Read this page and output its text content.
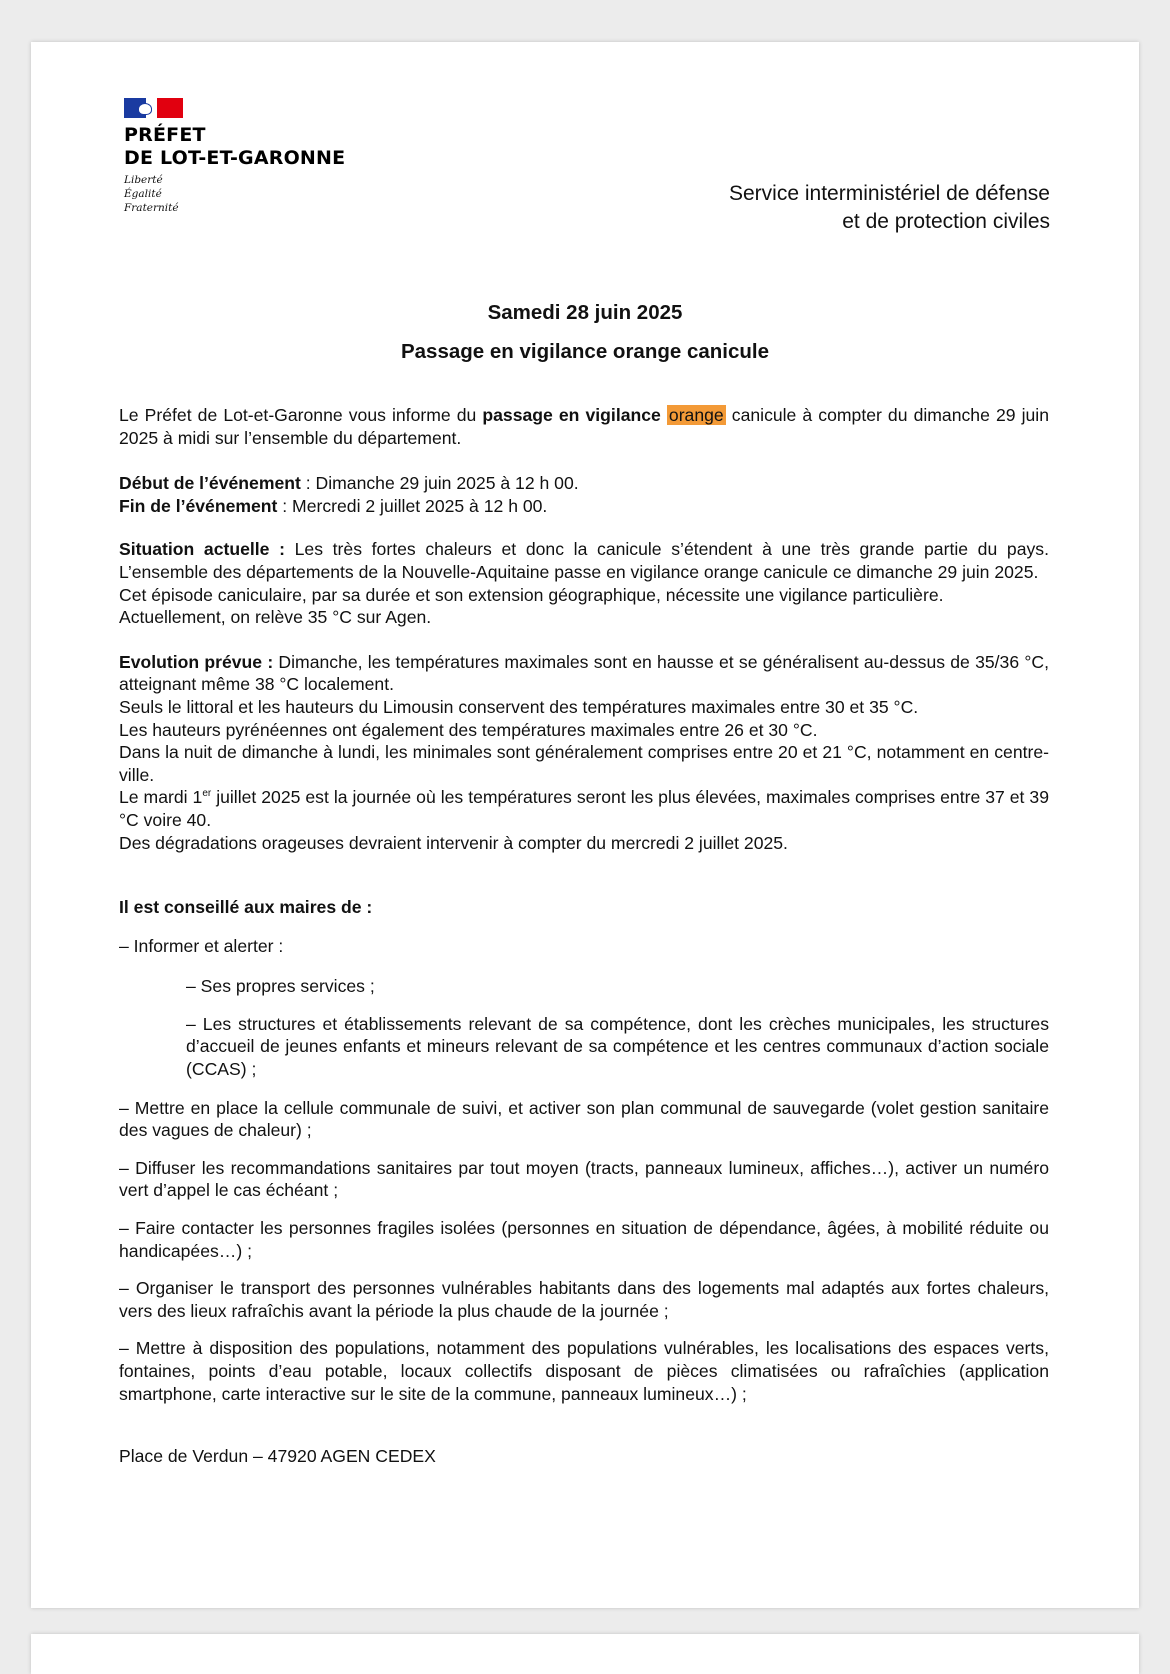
PRÉFET
DE LOT-ET-GARONNE
Liberté
Égalité
Fraternité
Service interministériel de défense
et de protection civiles
Samedi 28 juin 2025
Passage en vigilance orange canicule

Le Préfet de Lot-et-Garonne vous informe du passage en vigilance orange canicule à compter du dimanche 29 juin 2025 à midi sur l’ensemble du département.

Début de l’événement : Dimanche 29 juin 2025 à 12 h 00.

Fin de l’événement : Mercredi 2 juillet 2025 à 12 h 00.

Situation actuelle : Les très fortes chaleurs et donc la canicule s’étendent à une très grande partie du pays. L’ensemble des départements de la Nouvelle-Aquitaine passe en vigilance orange canicule ce dimanche 29 juin 2025.

Cet épisode caniculaire, par sa durée et son extension géographique, nécessite une vigilance particulière.

Actuellement, on relève 35 °C sur Agen.

Evolution prévue : Dimanche, les températures maximales sont en hausse et se généralisent au-dessus de 35/36 °C, atteignant même 38 °C localement.

Seuls le littoral et les hauteurs du Limousin conservent des températures maximales entre 30 et 35 °C.

Les hauteurs pyrénéennes ont également des températures maximales entre 26 et 30 °C.

Dans la nuit de dimanche à lundi, les minimales sont généralement comprises entre 20 et 21 °C, notamment en centre-ville.

Le mardi 1er juillet 2025 est la journée où les températures seront les plus élevées, maximales comprises entre 37 et 39 °C voire 40.

Des dégradations orageuses devraient intervenir à compter du mercredi 2 juillet 2025.

Il est conseillé aux maires de :

– Informer et alerter :

– Ses propres services ;

– Les structures et établissements relevant de sa compétence, dont les crèches municipales, les structures d’accueil de jeunes enfants et mineurs relevant de sa compétence et les centres communaux d’action sociale (CCAS) ;

– Mettre en place la cellule communale de suivi, et activer son plan communal de sauvegarde (volet gestion sanitaire des vagues de chaleur) ;

– Diffuser les recommandations sanitaires par tout moyen (tracts, panneaux lumineux, affiches…), activer un numéro vert d’appel le cas échéant ;

– Faire contacter les personnes fragiles isolées (personnes en situation de dépendance, âgées, à mobilité réduite ou handicapées…) ;

– Organiser le transport des personnes vulnérables habitants dans des logements mal adaptés aux fortes chaleurs, vers des lieux rafraîchis avant la période la plus chaude de la journée ;

– Mettre à disposition des populations, notamment des populations vulnérables, les localisations des espaces verts, fontaines, points d’eau potable, locaux collectifs disposant de pièces climatisées ou rafraîchies (application smartphone, carte interactive sur le site de la commune, panneaux lumineux…) ;

Place de Verdun – 47920 AGEN CEDEX
